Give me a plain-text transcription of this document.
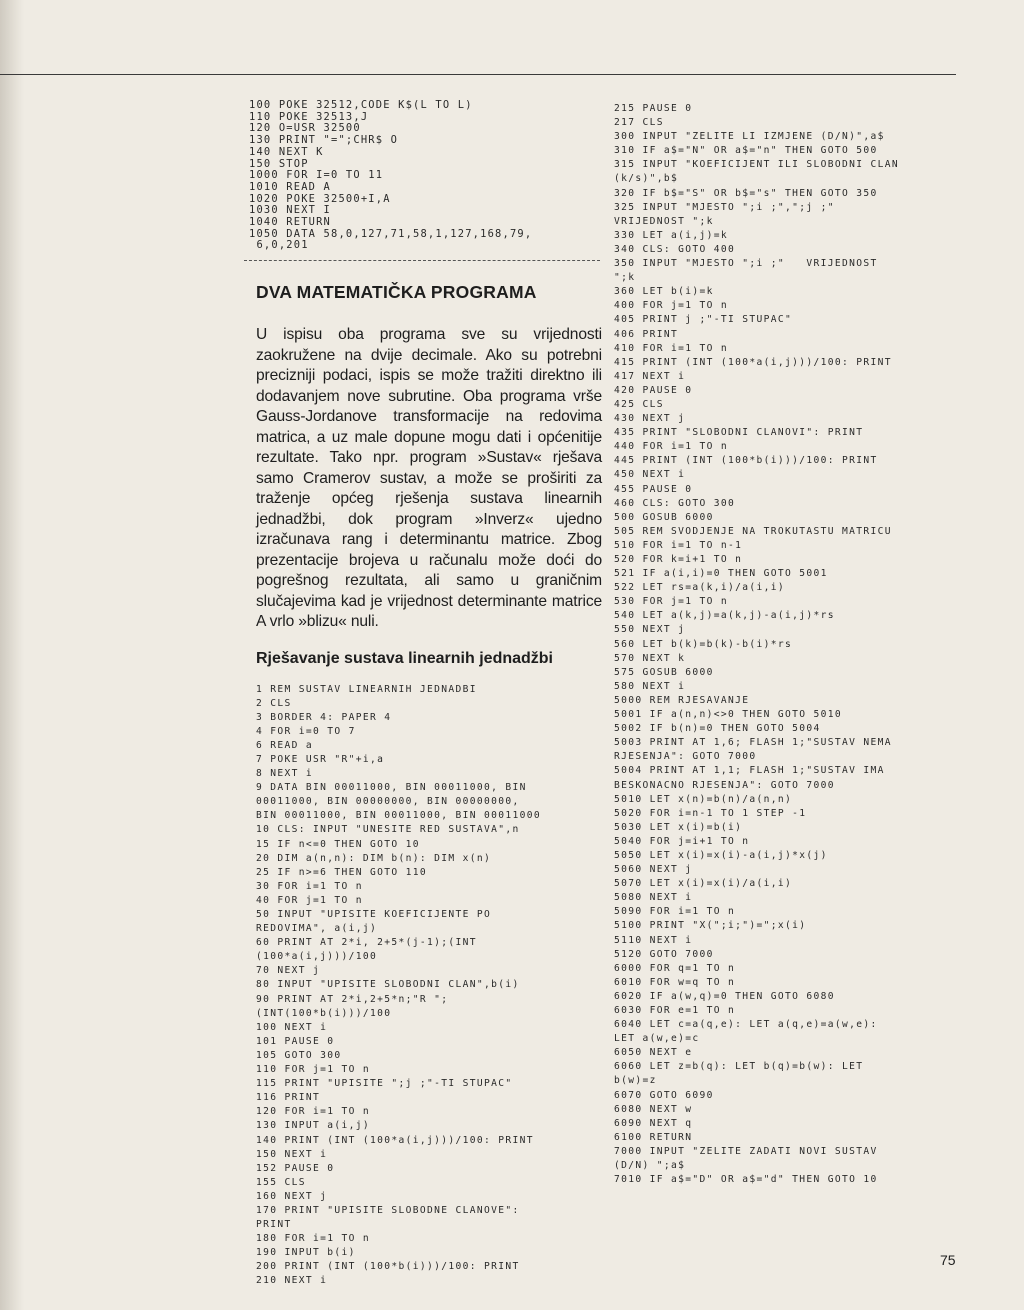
100 POKE 32512,CODE K$(L TO L)
110 POKE 32513,J
120 O=USR 32500
130 PRINT "=";CHR$ O
140 NEXT K
150 STOP
1000 FOR I=0 TO 11
1010 READ A
1020 POKE 32500+I,A
1030 NEXT I
1040 RETURN
1050 DATA 58,0,127,71,58,1,127,168,79,
6,0,201
DVA MATEMATIČKA PROGRAMA

U ispisu oba programa sve su vrijednosti zaokružene na dvije decimale. Ako su potrebni precizniji podaci, ispis se može tražiti direktno ili dodavanjem nove subrutine. Oba programa vrše Gauss-Jordanove transformacije na redovima matrica, a uz male dopune mogu dati i općenitije rezultate. Tako npr. program »Sustav« rješava samo Cramerov sustav, a može se proširiti za traženje općeg rješenja sustava linearnih jednadžbi, dok program »Inverz« ujedno izračunava rang i determinantu matrice. Zbog prezentacije brojeva u računalu može doći do pogrešnog rezultata, ali samo u graničnim slučajevima kad je vrijednost determinante matrice A vrlo »blizu« nuli.

Rješavanje sustava linearnih jednadžbi
1 REM SUSTAV LINEARNIH JEDNADBI
2 CLS
3 BORDER 4: PAPER 4
4 FOR i=0 TO 7
6 READ a
7 POKE USR "R"+i,a
8 NEXT i
9 DATA BIN 00011000, BIN 00011000, BIN
00011000, BIN 00000000, BIN 00000000,
BIN 00011000, BIN 00011000, BIN 00011000
10 CLS: INPUT "UNESITE RED SUSTAVA",n
15 IF n<=0 THEN GOTO 10
20 DIM a(n,n): DIM b(n): DIM x(n)
25 IF n>=6 THEN GOTO 110
30 FOR i=1 TO n
40 FOR j=1 TO n
50 INPUT "UPISITE KOEFICIJENTE PO
REDOVIMA", a(i,j)
60 PRINT AT 2*i, 2+5*(j-1);(INT
(100*a(i,j)))/100
70 NEXT j
80 INPUT "UPISITE SLOBODNI CLAN",b(i)
90 PRINT AT 2*i,2+5*n;"R ";
(INT(100*b(i)))/100
100 NEXT i
101 PAUSE 0
105 GOTO 300
110 FOR j=1 TO n
115 PRINT "UPISITE ";j ;"-TI STUPAC"
116 PRINT
120 FOR i=1 TO n
130 INPUT a(i,j)
140 PRINT (INT (100*a(i,j)))/100: PRINT
150 NEXT i
152 PAUSE 0
155 CLS
160 NEXT j
170 PRINT "UPISITE SLOBODNE CLANOVE":
PRINT
180 FOR i=1 TO n
190 INPUT b(i)
200 PRINT (INT (100*b(i)))/100: PRINT
210 NEXT i
215 PAUSE 0
217 CLS
300 INPUT "ZELITE LI IZMJENE (D/N)",a$
310 IF a$="N" OR a$="n" THEN GOTO 500
315 INPUT "KOEFICIJENT ILI SLOBODNI CLAN
(k/s)",b$
320 IF b$="S" OR b$="s" THEN GOTO 350
325 INPUT "MJESTO ";i ;",";j ;"
VRIJEDNOST ";k
330 LET a(i,j)=k
340 CLS: GOTO 400
350 INPUT "MJESTO ";i ;"   VRIJEDNOST
";k
360 LET b(i)=k
400 FOR j=1 TO n
405 PRINT j ;"-TI STUPAC"
406 PRINT
410 FOR i=1 TO n
415 PRINT (INT (100*a(i,j)))/100: PRINT
417 NEXT i
420 PAUSE 0
425 CLS
430 NEXT j
435 PRINT "SLOBODNI CLANOVI": PRINT
440 FOR i=1 TO n
445 PRINT (INT (100*b(i)))/100: PRINT
450 NEXT i
455 PAUSE 0
460 CLS: GOTO 300
500 GOSUB 6000
505 REM SVODJENJE NA TROKUTASTU MATRICU
510 FOR i=1 TO n-1
520 FOR k=i+1 TO n
521 IF a(i,i)=0 THEN GOTO 5001
522 LET rs=a(k,i)/a(i,i)
530 FOR j=1 TO n
540 LET a(k,j)=a(k,j)-a(i,j)*rs
550 NEXT j
560 LET b(k)=b(k)-b(i)*rs
570 NEXT k
575 GOSUB 6000
580 NEXT i
5000 REM RJESAVANJE
5001 IF a(n,n)<>0 THEN GOTO 5010
5002 IF b(n)=0 THEN GOTO 5004
5003 PRINT AT 1,6; FLASH 1;"SUSTAV NEMA
RJESENJA": GOTO 7000
5004 PRINT AT 1,1; FLASH 1;"SUSTAV IMA
BESKONACNO RJESENJA": GOTO 7000
5010 LET x(n)=b(n)/a(n,n)
5020 FOR i=n-1 TO 1 STEP -1
5030 LET x(i)=b(i)
5040 FOR j=i+1 TO n
5050 LET x(i)=x(i)-a(i,j)*x(j)
5060 NEXT j
5070 LET x(i)=x(i)/a(i,i)
5080 NEXT i
5090 FOR i=1 TO n
5100 PRINT "X(";i;")=";x(i)
5110 NEXT i
5120 GOTO 7000
6000 FOR q=1 TO n
6010 FOR w=q TO n
6020 IF a(w,q)=0 THEN GOTO 6080
6030 FOR e=1 TO n
6040 LET c=a(q,e): LET a(q,e)=a(w,e):
LET a(w,e)=c
6050 NEXT e
6060 LET z=b(q): LET b(q)=b(w): LET
b(w)=z
6070 GOTO 6090
6080 NEXT w
6090 NEXT q
6100 RETURN
7000 INPUT "ZELITE ZADATI NOVI SUSTAV
(D/N) ";a$
7010 IF a$="D" OR a$="d" THEN GOTO 10
75
